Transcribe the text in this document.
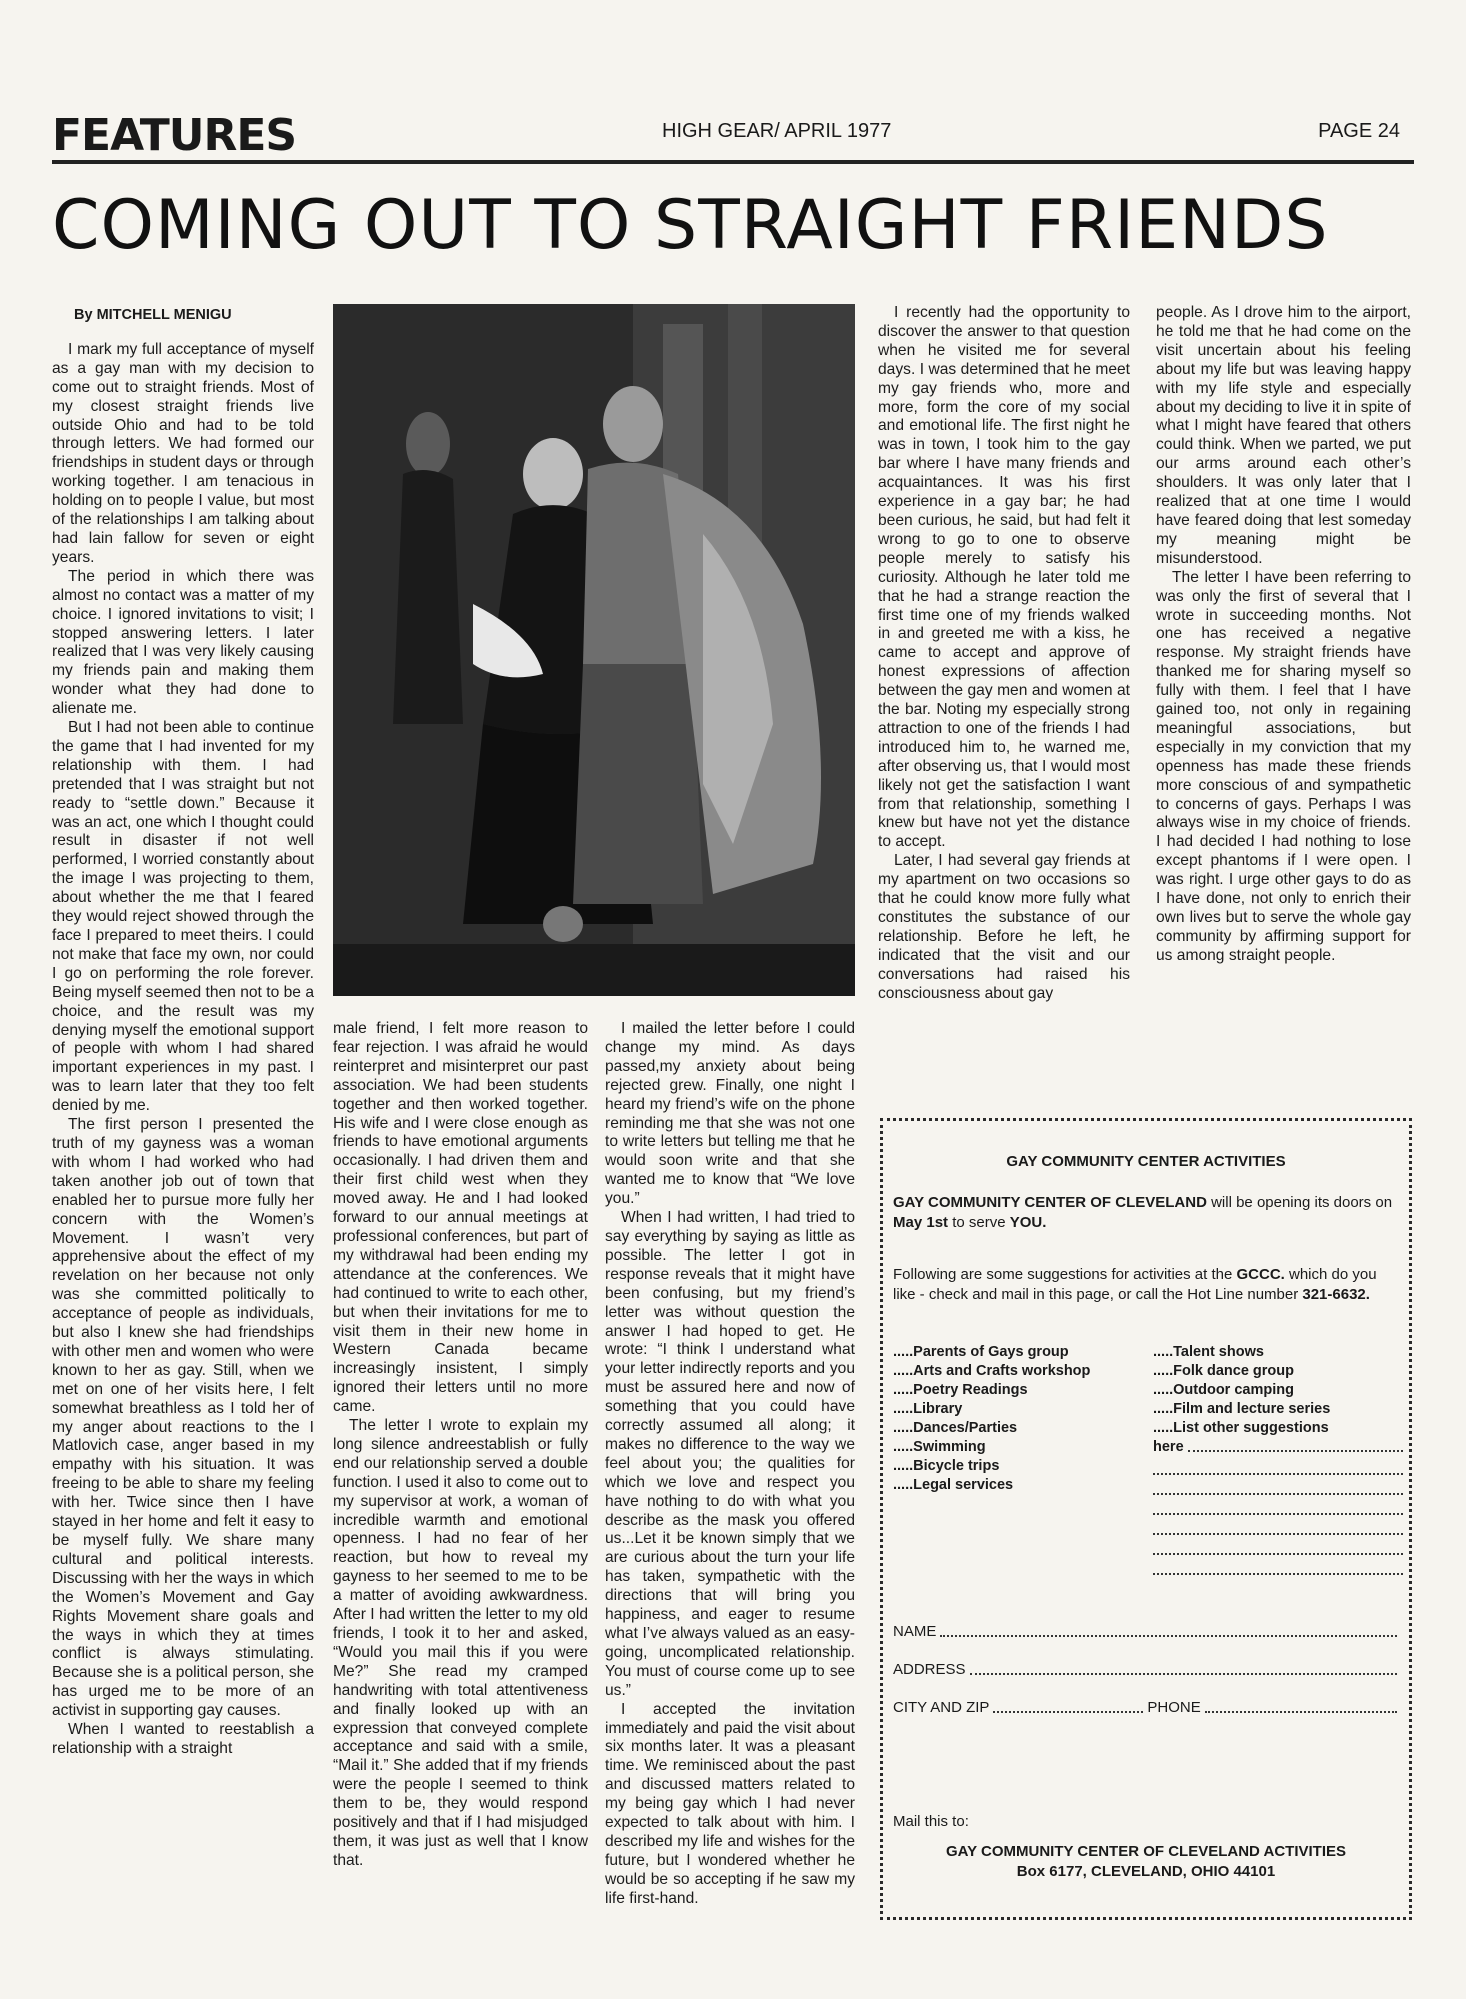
FEATURES	HIGH GEAR/ APRIL 1977	PAGE 24
COMING OUT TO STRAIGHT FRIENDS

By MITCHELL MENIGU

I mark my full acceptance of myself as a gay man with my decision to come out to straight friends. Most of my closest straight friends live outside Ohio and had to be told through letters. We had formed our friendships in student days or through working together. I am tenacious in holding on to people I value, but most of the relationships I am talking about had lain fallow for seven or eight years.

The period in which there was almost no contact was a matter of my choice. I ignored invitations to visit; I stopped answering letters. I later realized that I was very likely causing my friends pain and making them wonder what they had done to alienate me.

But I had not been able to continue the game that I had invented for my relationship with them. I had pretended that I was straight but not ready to “settle down.” Because it was an act, one which I thought could result in disaster if not well performed, I worried constantly about the image I was projecting to them, about whether the me that I feared they would reject showed through the face I prepared to meet theirs. I could not make that face my own, nor could I go on performing the role forever. Being myself seemed then not to be a choice, and the result was my denying myself the emotional support of people with whom I had shared important experiences in my past. I was to learn later that they too felt denied by me.

The first person I presented the truth of my gayness was a woman with whom I had worked who had taken another job out of town that enabled her to pursue more fully her concern with the Women’s Movement. I wasn’t very apprehensive about the effect of my revelation on her because not only was she committed politically to acceptance of people as individuals, but also I knew she had friendships with other men and women who were known to her as gay. Still, when we met on one of her visits here, I felt somewhat breathless as I told her of my anger about reactions to the I Matlovich case, anger based in my empathy with his situation. It was freeing to be able to share my feeling with her. Twice since then I have stayed in her home and felt it easy to be myself fully. We share many cultural and political interests. Discussing with her the ways in which the Women’s Movement and Gay Rights Movement share goals and the ways in which they at times conflict is always stimulating. Because she is a political person, she has urged me to be more of an activist in supporting gay causes.

When I wanted to reestablish a relationship with a straight

male friend, I felt more reason to fear rejection. I was afraid he would reinterpret and misinterpret our past association. We had been students together and then worked together. His wife and I were close enough as friends to have emotional arguments occasionally. I had driven them and their first child west when they moved away. He and I had looked forward to our annual meetings at professional conferences, but part of my withdrawal had been ending my attendance at the conferences. We had continued to write to each other, but when their invitations for me to visit them in their new home in Western Canada became increasingly insistent, I simply ignored their letters until no more came.

The letter I wrote to explain my long silence andreestablish or fully end our relationship served a double function. I used it also to come out to my supervisor at work, a woman of incredible warmth and emotional openness. I had no fear of her reaction, but how to reveal my gayness to her seemed to me to be a matter of avoiding awkwardness. After I had written the letter to my old friends, I took it to her and asked, “Would you mail this if you were Me?” She read my cramped handwriting with total attentiveness and finally looked up with an expression that conveyed complete acceptance and said with a smile, “Mail it.” She added that if my friends were the people I seemed to think them to be, they would respond positively and that if I had misjudged them, it was just as well that I know that.

I mailed the letter before I could change my mind. As days passed,my anxiety about being rejected grew. Finally, one night I heard my friend’s wife on the phone reminding me that she was not one to write letters but telling me that he would soon write and that she wanted me to know that “We love you.”

When I had written, I had tried to say everything by saying as little as possible. The letter I got in response reveals that it might have been confusing, but my friend’s letter was without question the answer I had hoped to get. He wrote: “I think I understand what your letter indirectly reports and you must be assured here and now of something that you could have correctly assumed all along; it makes no difference to the way we feel about you; the qualities for which we love and respect you have nothing to do with what you describe as the mask you offered us...Let it be known simply that we are curious about the turn your life has taken, sympathetic with the directions that will bring you happiness, and eager to resume what I’ve always valued as an easy-going, uncomplicated relationship. You must of course come up to see us.”

I accepted the invitation immediately and paid the visit about six months later. It was a pleasant time. We reminisced about the past and discussed matters related to my being gay which I had never expected to talk about with him. I described my life and wishes for the future, but I wondered whether he would be so accepting if he saw my life first-hand.

I recently had the opportunity to discover the answer to that question when he visited me for several days. I was determined that he meet my gay friends who, more and more, form the core of my social and emotional life. The first night he was in town, I took him to the gay bar where I have many friends and acquaintances. It was his first experience in a gay bar; he had been curious, he said, but had felt it wrong to go to one to observe people merely to satisfy his curiosity. Although he later told me that he had a strange reaction the first time one of my friends walked in and greeted me with a kiss, he came to accept and approve of honest expressions of affection between the gay men and women at the bar. Noting my especially strong attraction to one of the friends I had introduced him to, he warned me, after observing us, that I would most likely not get the satisfaction I want from that relationship, something I knew but have not yet the distance to accept.

Later, I had several gay friends at my apartment on two occasions so that he could know more fully what constitutes the substance of our relationship. Before he left, he indicated that the visit and our conversations had raised his consciousness about gay

people. As I drove him to the airport, he told me that he had come on the visit uncertain about his feeling about my life but was leaving happy with my life style and especially about my deciding to live it in spite of what I might have feared that others could think. When we parted, we put our arms around each other’s shoulders. It was only later that I realized that at one time I would have feared doing that lest someday my meaning might be misunderstood.

The letter I have been referring to was only the first of several that I wrote in succeeding months. Not one has received a negative response. My straight friends have thanked me for sharing myself so fully with them. I feel that I have gained too, not only in regaining meaningful associations, but especially in my conviction that my openness has made these friends more conscious of and sympathetic to concerns of gays. Perhaps I was always wise in my choice of friends. I had decided I had nothing to lose except phantoms if I were open. I was right. I urge other gays to do as I have done, not only to enrich their own lives but to serve the whole gay community by affirming support for us among straight people.

GAY COMMUNITY CENTER ACTIVITIES
GAY COMMUNITY CENTER OF CLEVELAND will be opening its doors on May 1st to serve YOU.
Following are some suggestions for activities at the GCCC. which do you like - check and mail in this page, or call the Hot Line number 321-6632.
.....Parents of Gays group
.....Arts and Crafts workshop
.....Poetry Readings
.....Library
.....Dances/Parties
.....Swimming
.....Bicycle trips
.....Legal services
.....Talent shows
.....Folk dance group
.....Outdoor camping
.....Film and lecture series
.....List other suggestions
here
NAME
ADDRESS
CITY AND ZIP	PHONE
Mail this to:
GAY COMMUNITY CENTER OF CLEVELAND ACTIVITIES
Box 6177, CLEVELAND, OHIO 44101
